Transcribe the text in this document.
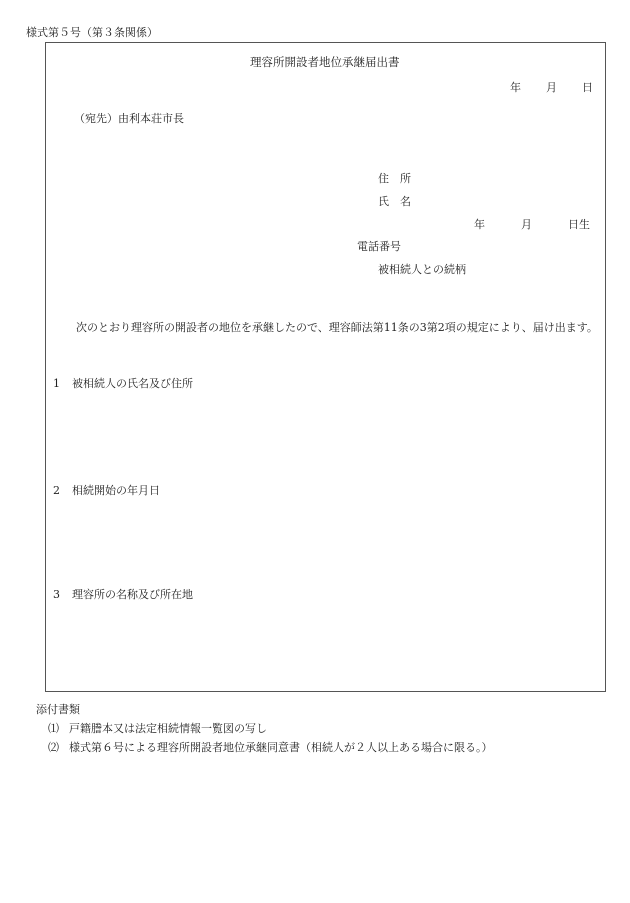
様式第５号（第３条関係）
理容所開設者地位承継届出書
年 月 日
（宛先）由利本荘市長
住　所
氏　名
年	月	日生
電話番号
被相続人との続柄
次のとおり理容所の開設者の地位を承継したので、理容師法第11条の3第2項の規定により、届け出ます。
1 被相続人の氏名及び住所
2 相続開始の年月日
3 理容所の名称及び所在地
添付書類
⑴ 戸籍謄本又は法定相続情報一覧図の写し
⑵ 様式第６号による理容所開設者地位承継同意書（相続人が２人以上ある場合に限る。）
